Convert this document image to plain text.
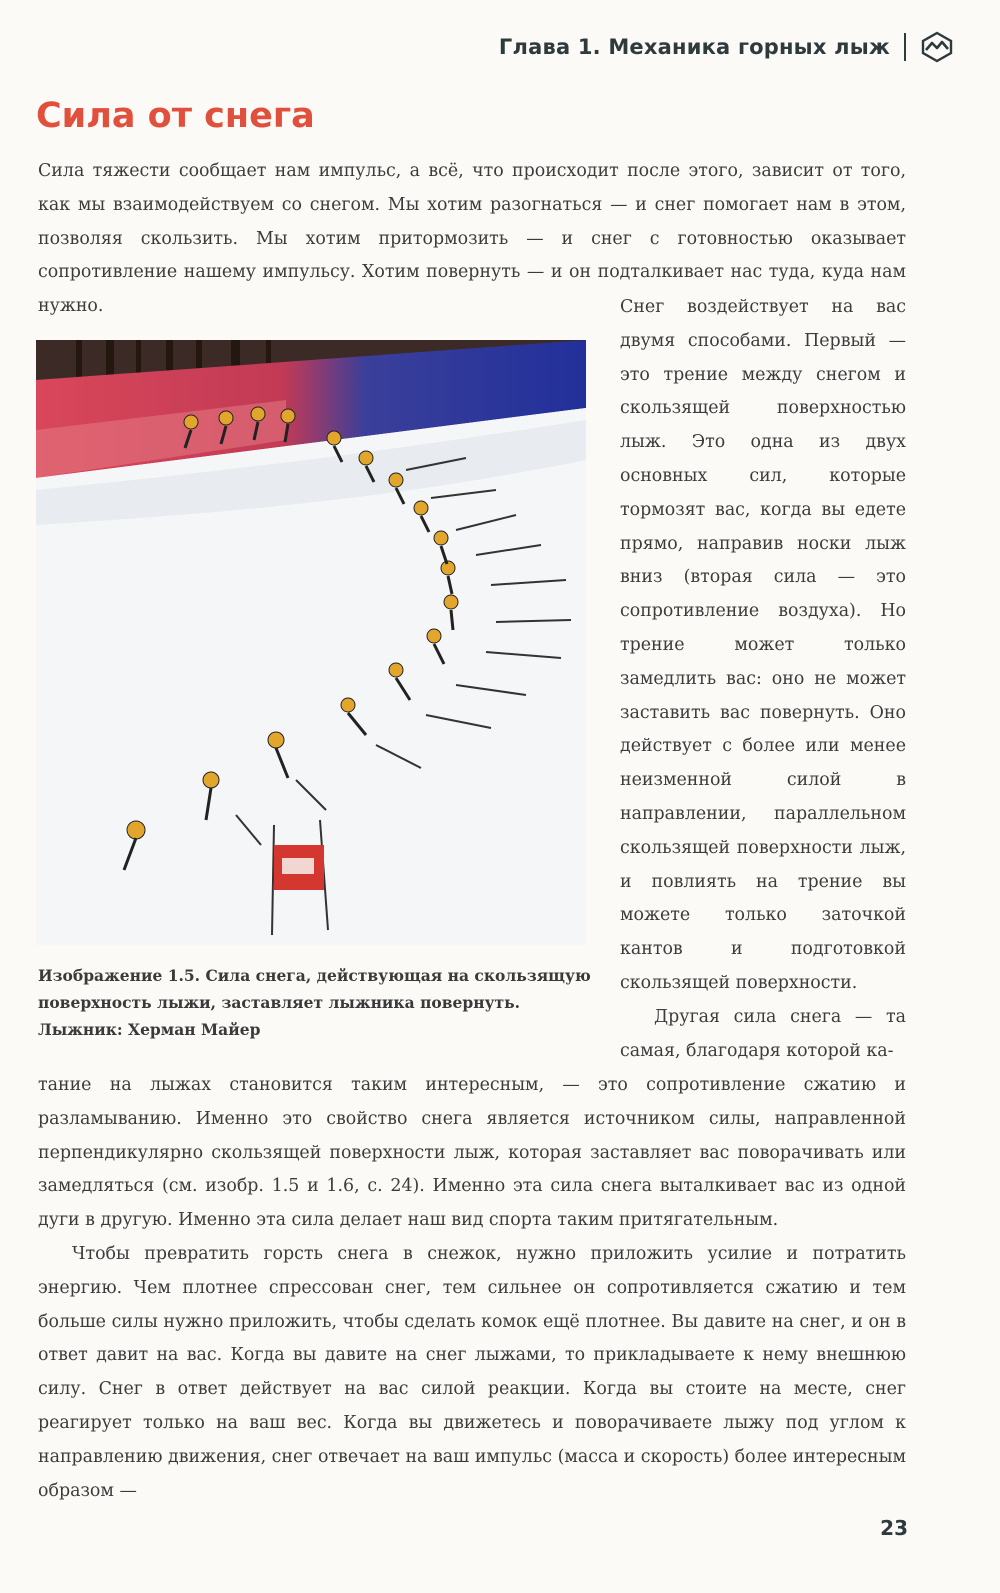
Глава 1. Механика горных лыж
Сила от снега

Сила тяжести сообщает нам импульс, а всё, что происходит после этого, зависит от того, как мы взаимодействуем со снегом. Мы хотим разогнаться — и снег помогает нам в этом, позволяя скользить. Мы хотим притормозить — и снег с готовностью оказывает сопротивление нашему импульсу. Хотим повернуть — и он подталкивает нас туда, куда нам нужно.

Изображение 1.5. Сила снега, действующая на скользящую поверхность лыжи, заставляет лыжника повернуть. Лыжник: Херман Майер

Снег воздействует на вас двумя способами. Первый — это трение между снегом и скользящей поверхностью лыж. Это одна из двух основных сил, которые тормозят вас, когда вы едете прямо, направив носки лыж вниз (вторая сила — это сопротивление воздуха). Но трение может только замедлить вас: оно не может заставить вас повернуть. Оно действует с более или менее неизменной силой в направлении, параллельном скользящей поверхности лыж, и повлиять на трение вы можете только заточкой кантов и подготовкой скользящей поверхности.

Другая сила снега — та самая, благодаря которой ка-

тание на лыжах становится таким интересным, — это сопротивление сжатию и разламыванию. Именно это свойство снега является источником силы, направленной перпендикулярно скользящей поверхности лыж, которая заставляет вас поворачивать или замедляться (см. изобр. 1.5 и 1.6, с. 24). Именно эта сила снега выталкивает вас из одной дуги в другую. Именно эта сила делает наш вид спорта таким притягательным.

Чтобы превратить горсть снега в снежок, нужно приложить усилие и потратить энергию. Чем плотнее спрессован снег, тем сильнее он сопротивляется сжатию и тем больше силы нужно приложить, чтобы сделать комок ещё плотнее. Вы давите на снег, и он в ответ давит на вас. Когда вы давите на снег лыжами, то прикладываете к нему внешнюю силу. Снег в ответ действует на вас силой реакции. Когда вы стоите на месте, снег реагирует только на ваш вес. Когда вы движетесь и поворачиваете лыжу под углом к направлению движения, снег отвечает на ваш импульс (масса и скорость) более интересным образом —

23
